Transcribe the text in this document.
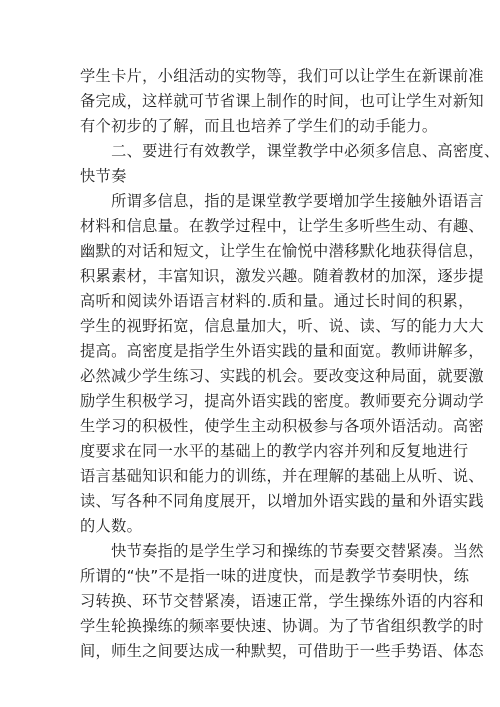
学生卡片，小组活动的实物等，我们可以让学生在新课前准
备完成，这样就可节省课上制作的时间，也可让学生对新知
有个初步的了解，而且也培养了学生们的动手能力。
　　二、要进行有效教学，课堂教学中必须多信息、高密度、
快节奏
　　所谓多信息，指的是课堂教学要增加学生接触外语语言
材料和信息量。在教学过程中，让学生多听些生动、有趣、
幽默的对话和短文，让学生在愉悦中潜移默化地获得信息，
积累素材，丰富知识，激发兴趣。随着教材的加深，逐步提
高听和阅读外语语言材料的.质和量。通过长时间的积累，
学生的视野拓宽，信息量加大，听、说、读、写的能力大大
提高。高密度是指学生外语实践的量和面宽。教师讲解多，
必然减少学生练习、实践的机会。要改变这种局面，就要激
励学生积极学习，提高外语实践的密度。教师要充分调动学
生学习的积极性，使学生主动积极参与各项外语活动。高密
度要求在同一水平的基础上的教学内容并列和反复地进行
语言基础知识和能力的训练，并在理解的基础上从听、说、
读、写各种不同角度展开，以增加外语实践的量和外语实践
的人数。
　　快节奏指的是学生学习和操练的节奏要交替紧凑。当然
所谓的“快”不是指一味的进度快，而是教学节奏明快，练
习转换、环节交替紧凑，语速正常，学生操练外语的内容和
学生轮换操练的频率要快速、协调。为了节省组织教学的时
间，师生之间要达成一种默契，可借助于一些手势语、体态
